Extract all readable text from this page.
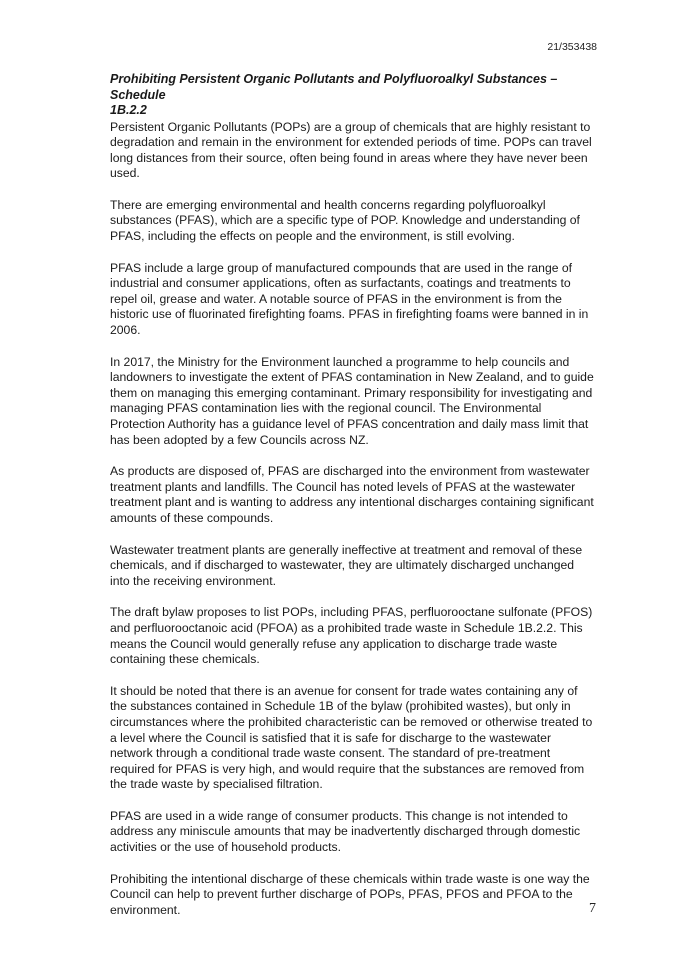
21/353438

Prohibiting Persistent Organic Pollutants and Polyfluoroalkyl Substances – Schedule
1B.2.2

Persistent Organic Pollutants (POPs) are a group of chemicals that are highly resistant to degradation and remain in the environment for extended periods of time. POPs can travel long distances from their source, often being found in areas where they have never been used.

There are emerging environmental and health concerns regarding polyfluoroalkyl substances (PFAS), which are a specific type of POP. Knowledge and understanding of PFAS, including the effects on people and the environment, is still evolving.

PFAS include a large group of manufactured compounds that are used in the range of industrial and consumer applications, often as surfactants, coatings and treatments to repel oil, grease and water. A notable source of PFAS in the environment is from the historic use of fluorinated firefighting foams. PFAS in firefighting foams were banned in in 2006.

In 2017, the Ministry for the Environment launched a programme to help councils and landowners to investigate the extent of PFAS contamination in New Zealand, and to guide them on managing this emerging contaminant. Primary responsibility for investigating and managing PFAS contamination lies with the regional council. The Environmental Protection Authority has a guidance level of PFAS concentration and daily mass limit that has been adopted by a few Councils across NZ.

As products are disposed of, PFAS are discharged into the environment from wastewater treatment plants and landfills. The Council has noted levels of PFAS at the wastewater treatment plant and is wanting to address any intentional discharges containing significant amounts of these compounds.

Wastewater treatment plants are generally ineffective at treatment and removal of these chemicals, and if discharged to wastewater, they are ultimately discharged unchanged into the receiving environment.

The draft bylaw proposes to list POPs, including PFAS, perfluorooctane sulfonate (PFOS) and perfluorooctanoic acid (PFOA) as a prohibited trade waste in Schedule 1B.2.2. This means the Council would generally refuse any application to discharge trade waste containing these chemicals.

It should be noted that there is an avenue for consent for trade wates containing any of the substances contained in Schedule 1B of the bylaw (prohibited wastes), but only in circumstances where the prohibited characteristic can be removed or otherwise treated to a level where the Council is satisfied that it is safe for discharge to the wastewater network through a conditional trade waste consent. The standard of pre-treatment required for PFAS is very high, and would require that the substances are removed from the trade waste by specialised filtration.

PFAS are used in a wide range of consumer products. This change is not intended to address any miniscule amounts that may be inadvertently discharged through domestic activities or the use of household products.

Prohibiting the intentional discharge of these chemicals within trade waste is one way the Council can help to prevent further discharge of POPs, PFAS, PFOS and PFOA to the environment.	7
